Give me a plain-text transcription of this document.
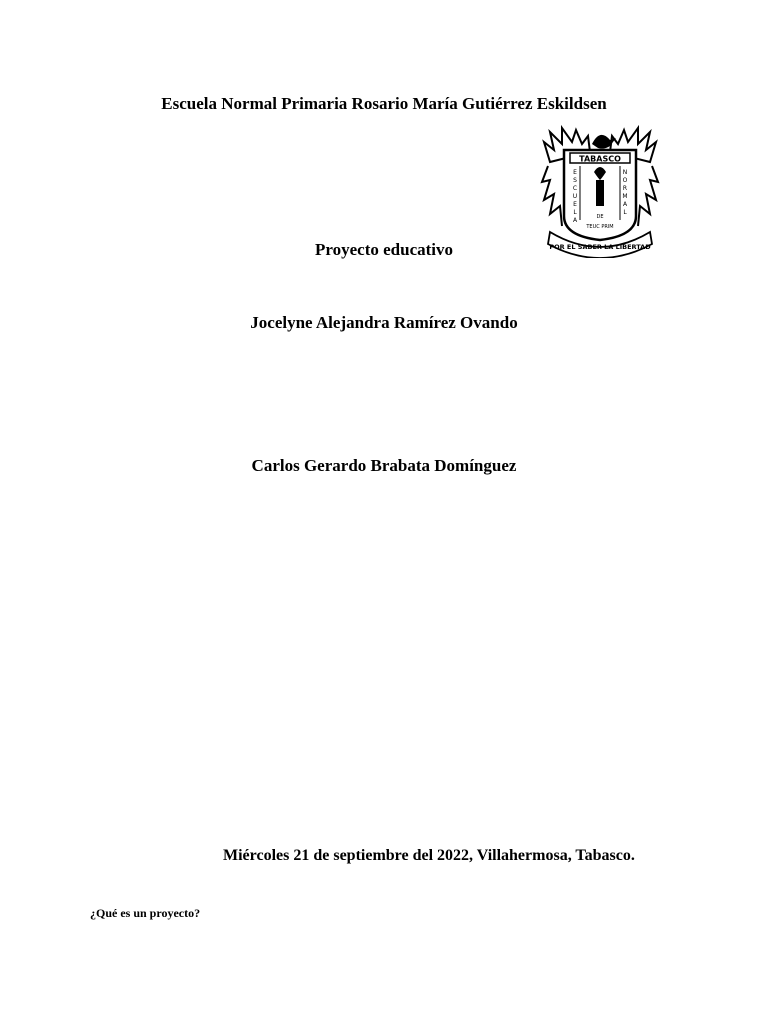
Escuela Normal Primaria Rosario María Gutiérrez Eskildsen
TABASCO
E
S
C
U
E
L
A
N
O
R
M
A
L
DE
TEUC PRIM
POR EL SABER LA LIBERTAD
Proyecto educativo
Jocelyne Alejandra Ramírez Ovando
Carlos Gerardo Brabata Domínguez
Miércoles 21 de septiembre del 2022, Villahermosa, Tabasco.
¿Qué es un proyecto?
